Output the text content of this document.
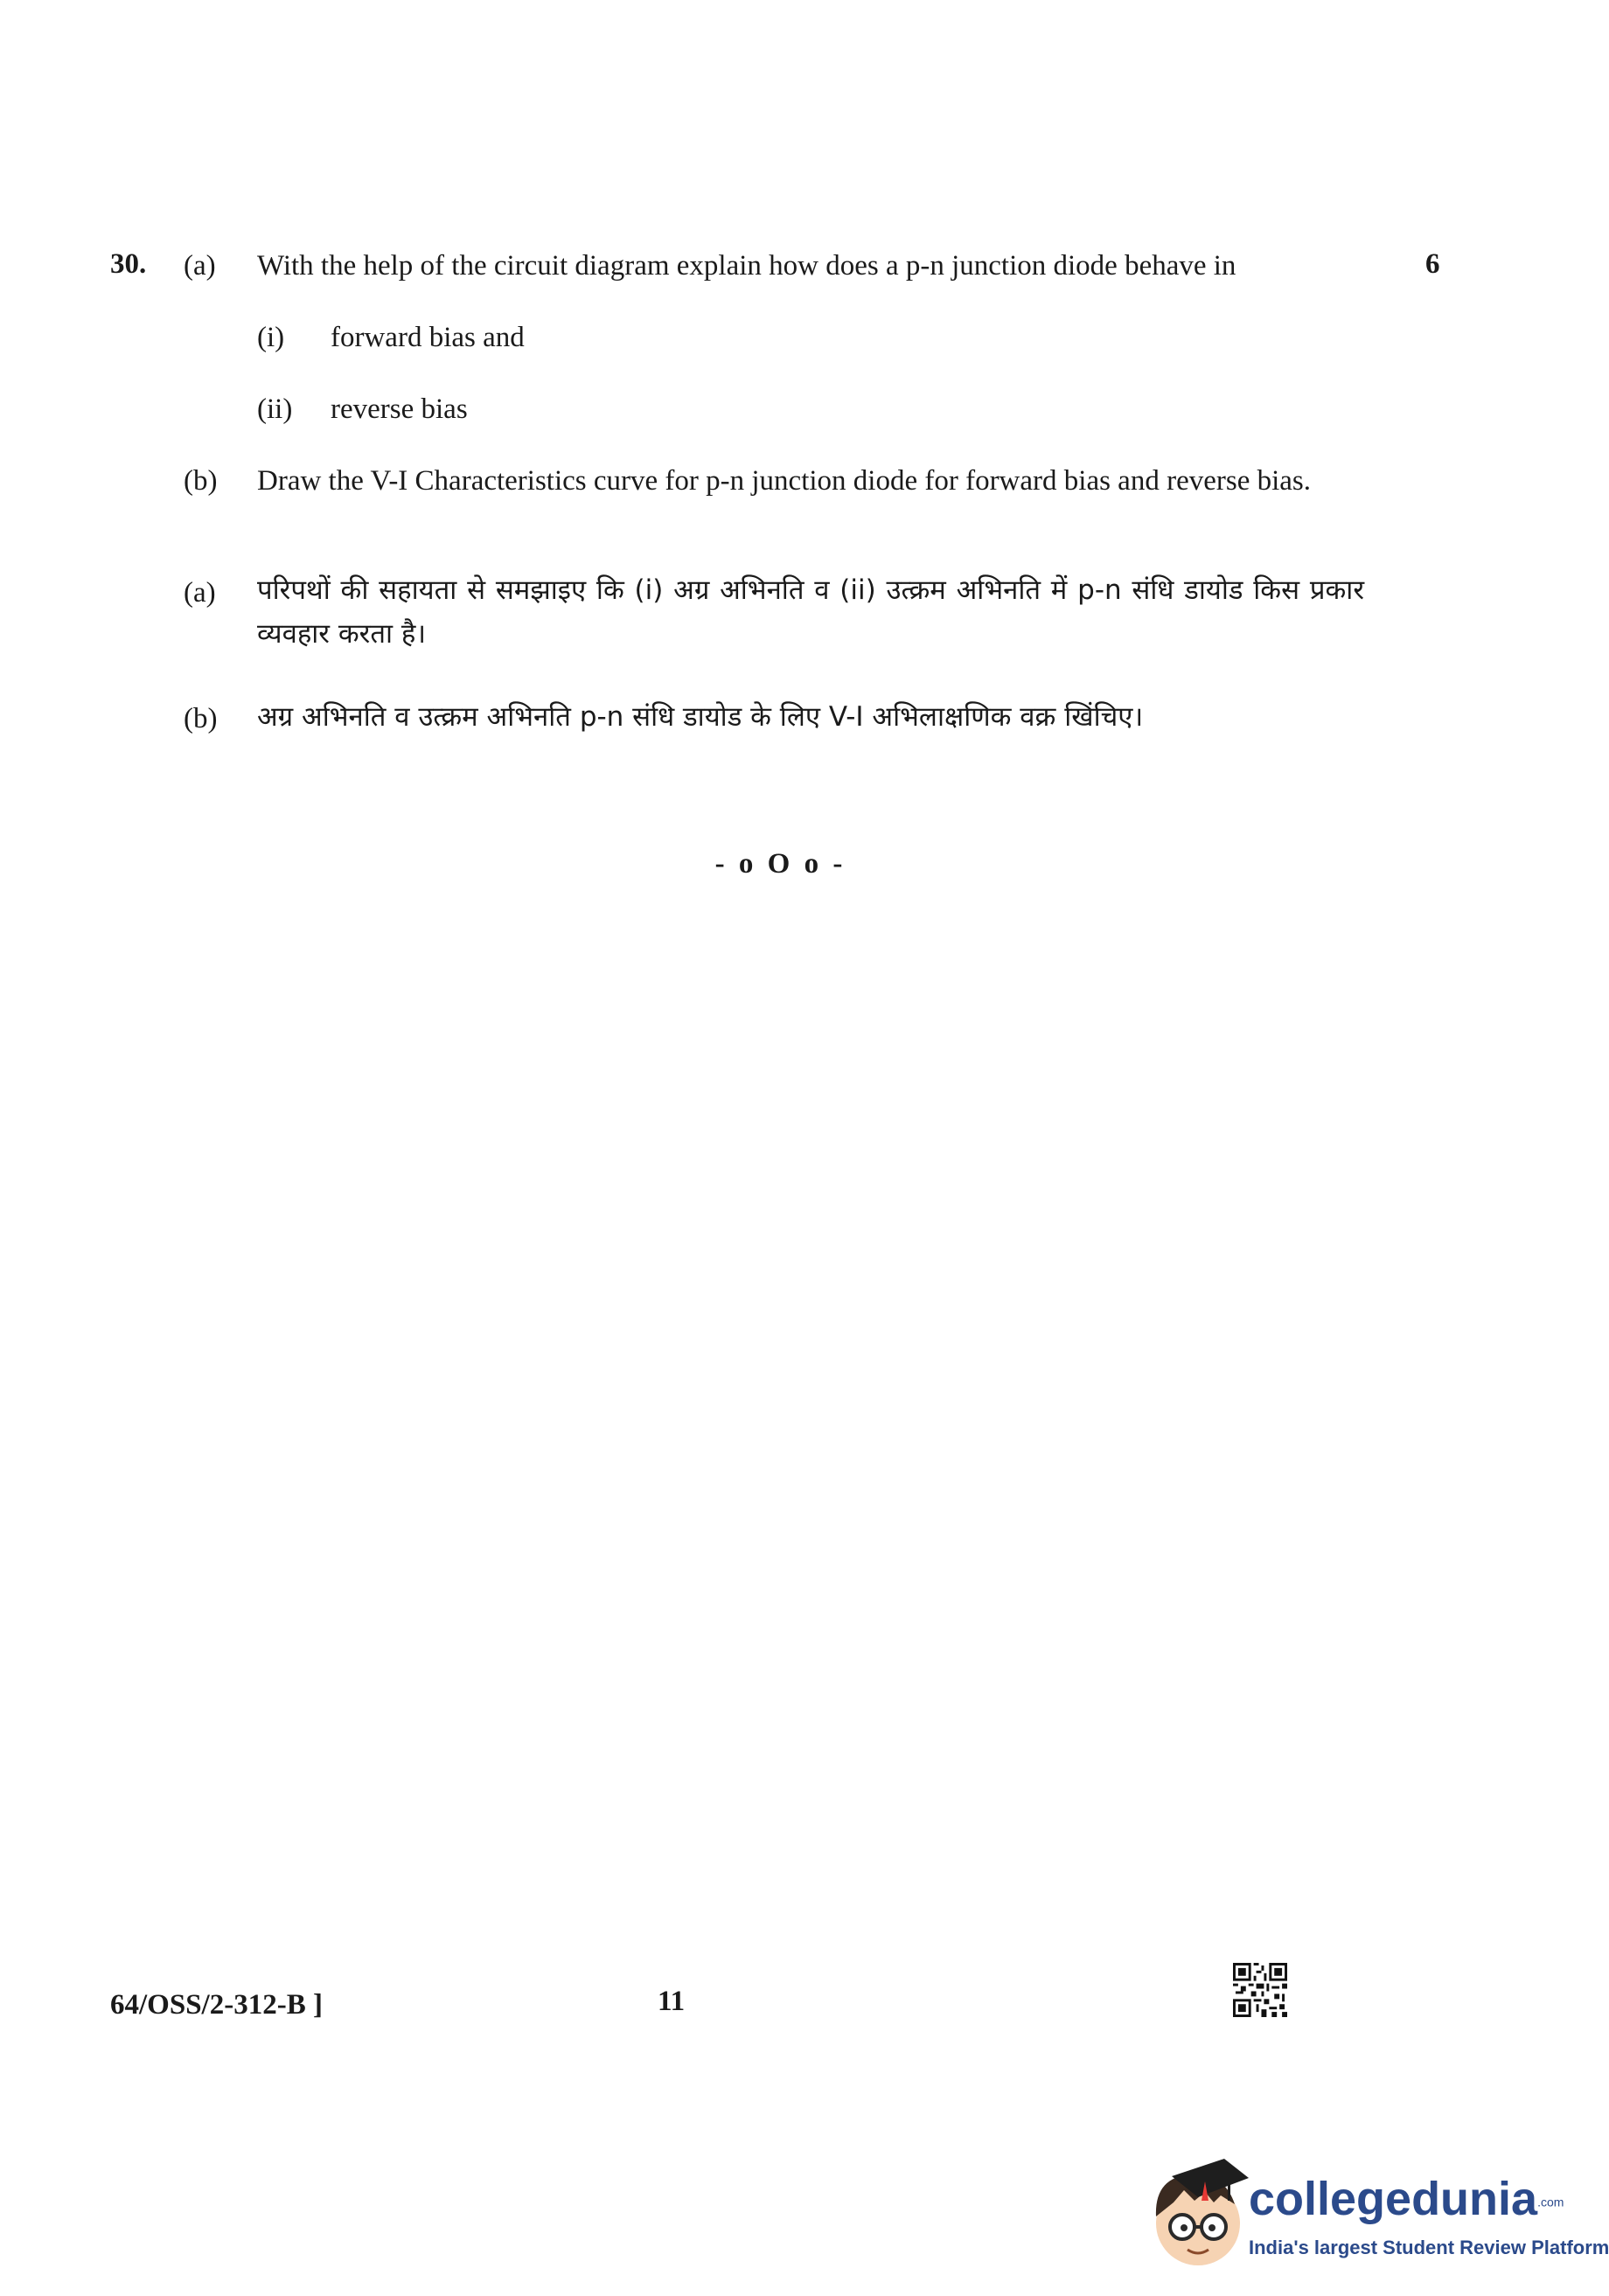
30.	6
(a) With the help of the circuit diagram explain how does a p-n junction diode behave in
(i) forward bias and
(ii) reverse bias
(b) Draw the V-I Characteristics curve for p-n junction diode for forward bias and reverse bias.
(a) परिपथों की सहायता से समझाइए कि (i) अग्र अभिनति व (ii) उत्क्रम अभिनति में p-n संधि डायोड किस प्रकार व्यवहार करता है।
(b) अग्र अभिनति व उत्क्रम अभिनति p-n संधि डायोड के लिए V-I अभिलाक्षणिक वक्र खिंचिए।
- o O o -
64/OSS/2-312-B ]	11
collegedunia.com
India's largest Student Review Platform
